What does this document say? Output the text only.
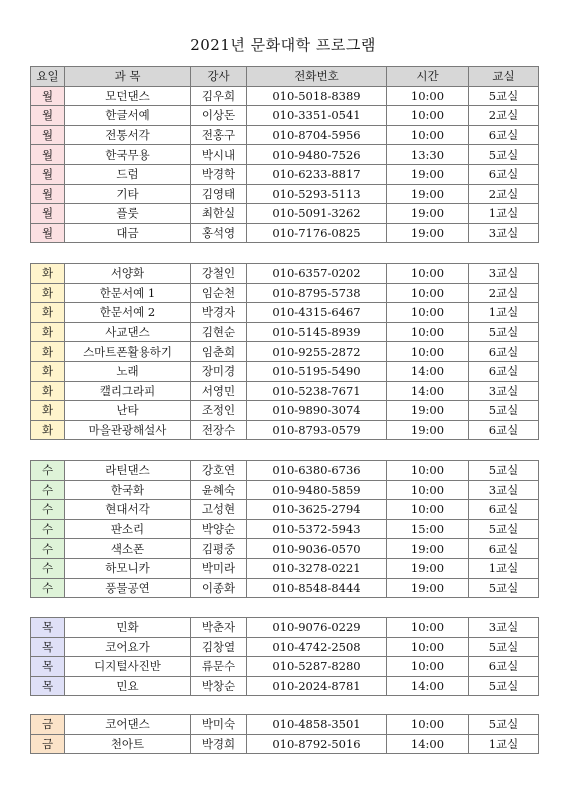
2021년 문화대학 프로그램
요일	과 목	강사	전화번호	시간	교실
월	모던댄스	김우희	010-5018-8389	10:00	5교실
월	한글서예	이상돈	010-3351-0541	10:00	2교실
월	전통서각	전홍구	010-8704-5956	10:00	6교실
월	한국무용	박시내	010-9480-7526	13:30	5교실
월	드럼	박경학	010-6233-8817	19:00	6교실
월	기타	김영태	010-5293-5113	19:00	2교실
월	플룻	최한실	010-5091-3262	19:00	1교실
월	대금	홍석영	010-7176-0825	19:00	3교실
화	서양화	강철인	010-6357-0202	10:00	3교실
화	한문서예 1	임순천	010-8795-5738	10:00	2교실
화	한문서예 2	박경자	010-4315-6467	10:00	1교실
화	사교댄스	김현순	010-5145-8939	10:00	5교실
화	스마트폰활용하기	임춘희	010-9255-2872	10:00	6교실
화	노래	장미경	010-5195-5490	14:00	6교실
화	캘리그라피	서영민	010-5238-7671	14:00	3교실
화	난타	조정인	010-9890-3074	19:00	5교실
화	마을관광해설사	전장수	010-8793-0579	19:00	6교실
수	라틴댄스	강호연	010-6380-6736	10:00	5교실
수	한국화	윤혜숙	010-9480-5859	10:00	3교실
수	현대서각	고성현	010-3625-2794	10:00	6교실
수	판소리	박양순	010-5372-5943	15:00	5교실
수	색소폰	김평중	010-9036-0570	19:00	6교실
수	하모니카	박미라	010-3278-0221	19:00	1교실
수	풍물공연	이종화	010-8548-8444	19:00	5교실
목	민화	박춘자	010-9076-0229	10:00	3교실
목	코어요가	김창열	010-4742-2508	10:00	5교실
목	디지털사진반	류문수	010-5287-8280	10:00	6교실
목	민요	박창순	010-2024-8781	14:00	5교실
금	코어댄스	박미숙	010-4858-3501	10:00	5교실
금	천아트	박경희	010-8792-5016	14:00	1교실
